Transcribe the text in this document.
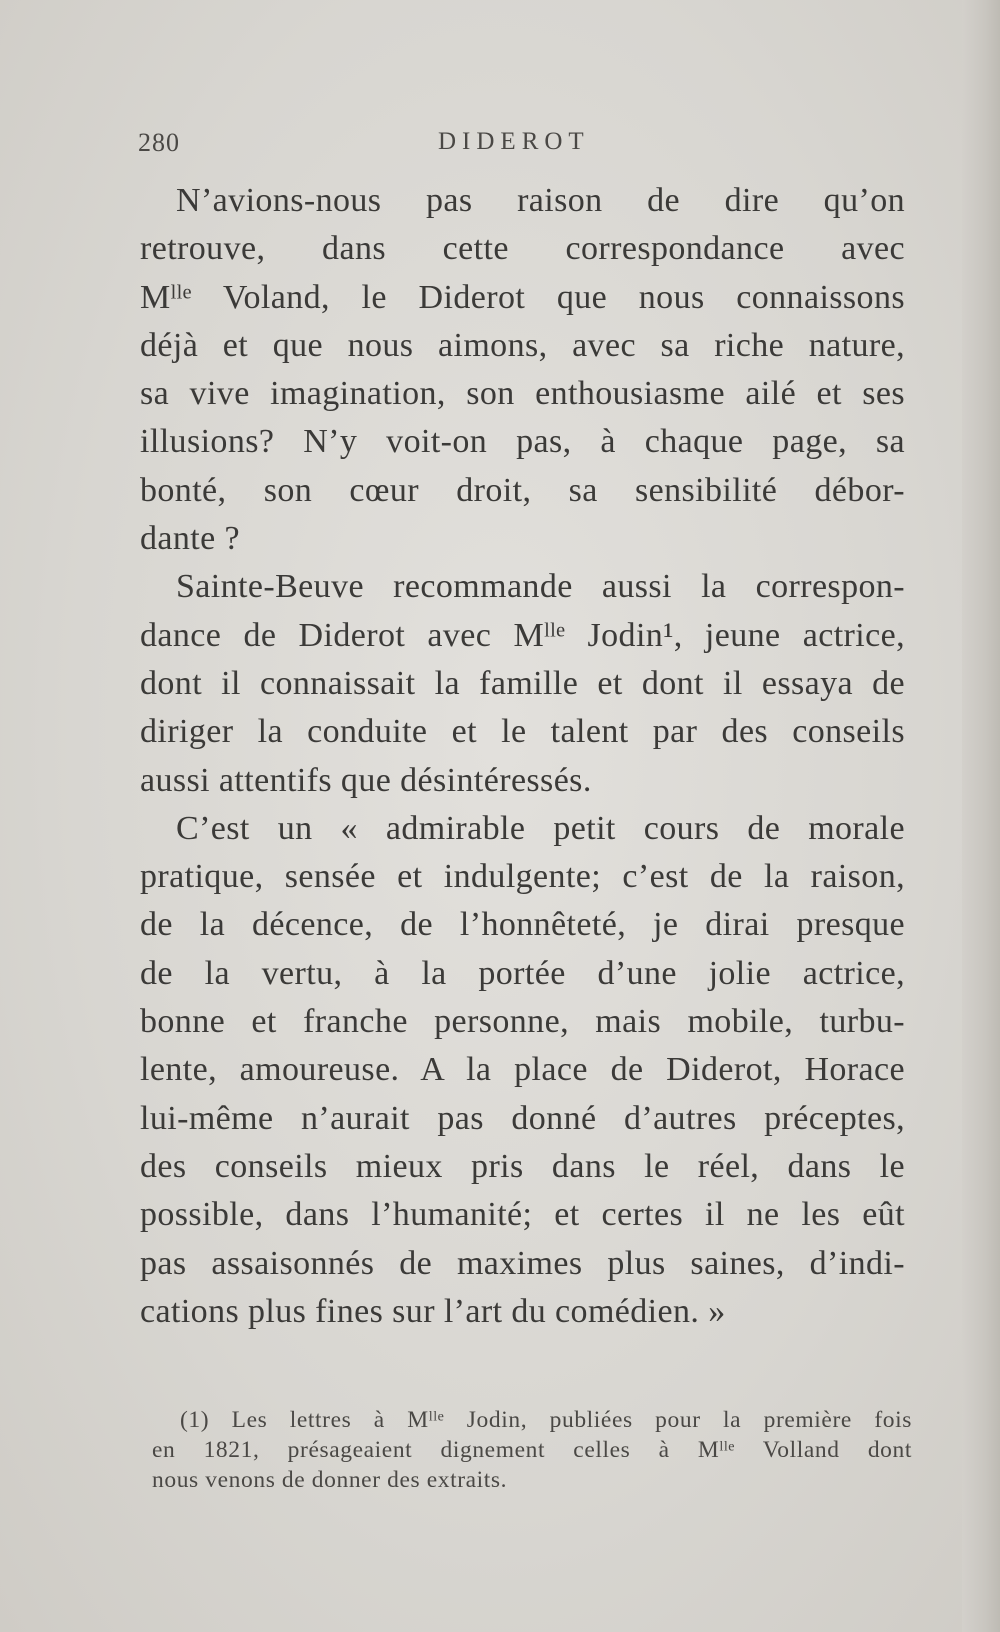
280	DIDEROT
N’avions-nous pas raison de dire qu’on
retrouve, dans cette correspondance avec
Mˡˡᵉ Voland, le Diderot que nous connaissons
déjà et que nous aimons, avec sa riche nature,
sa vive imagination, son enthousiasme ailé et ses
illusions? N’y voit-on pas, à chaque page, sa
bonté, son cœur droit, sa sensibilité débor-
dante ?
Sainte-Beuve recommande aussi la correspon-
dance de Diderot avec Mˡˡᵉ Jodin¹, jeune actrice,
dont il connaissait la famille et dont il essaya de
diriger la conduite et le talent par des conseils
aussi attentifs que désintéressés.
C’est un « admirable petit cours de morale
pratique, sensée et indulgente; c’est de la raison,
de la décence, de l’honnêteté, je dirai presque
de la vertu, à la portée d’une jolie actrice,
bonne et franche personne, mais mobile, turbu-
lente, amoureuse. A la place de Diderot, Horace
lui-même n’aurait pas donné d’autres préceptes,
des conseils mieux pris dans le réel, dans le
possible, dans l’humanité; et certes il ne les eût
pas assaisonnés de maximes plus saines, d’indi-
cations plus fines sur l’art du comédien. »
(1) Les lettres à Mˡˡᵉ Jodin, publiées pour la première fois
en 1821, présageaient dignement celles à Mˡˡᵉ Volland dont
nous venons de donner des extraits.
